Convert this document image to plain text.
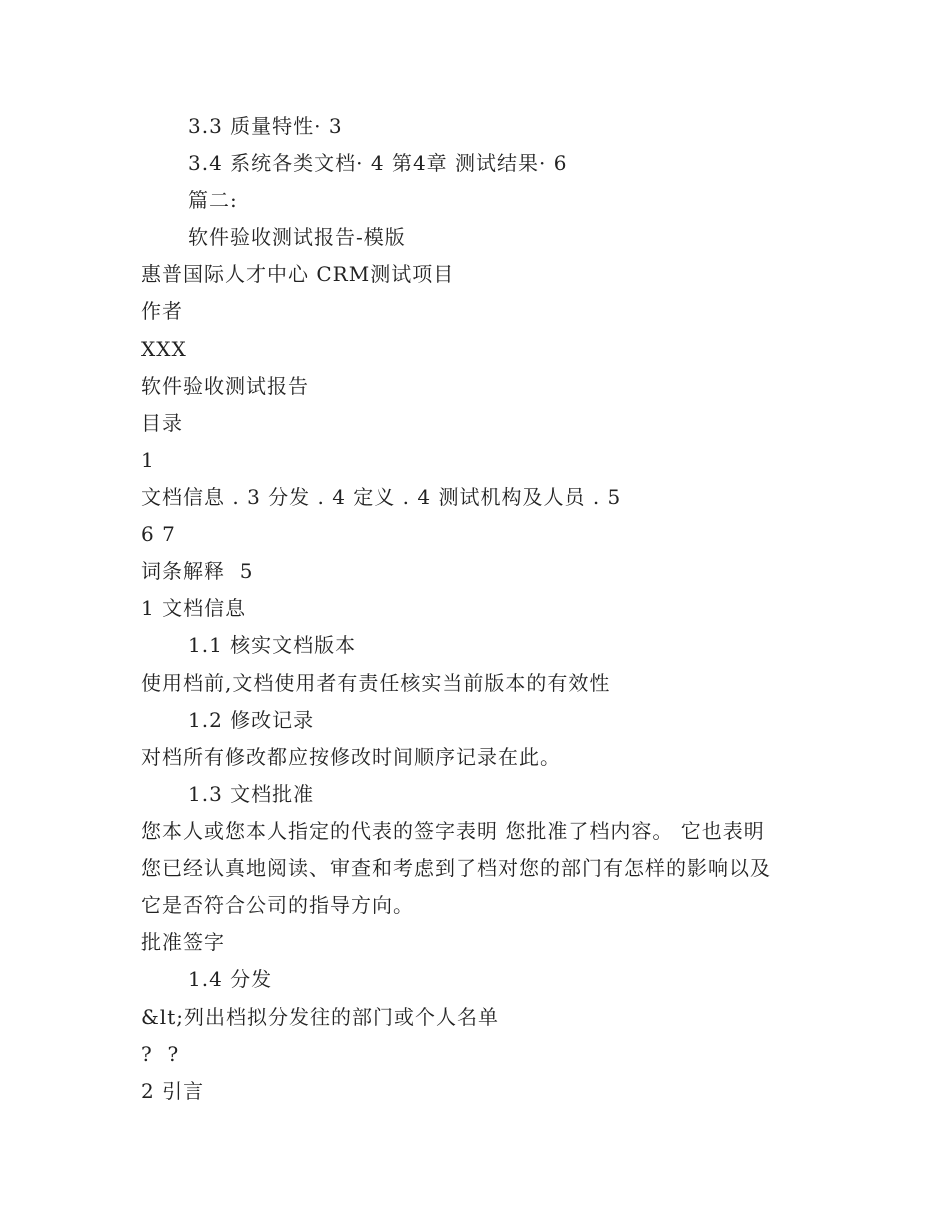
3.3 质量特性· 3
3.4 系统各类文档· 4 第4章 测试结果· 6
篇二:
软件验收测试报告-模版
惠普国际人才中心 CRM测试项目
作者
XXX
软件验收测试报告
目录
1
文档信息 . 3 分发 . 4 定义 . 4 测试机构及人员 . 5
6 7
词条解释  5
1 文档信息
1.1 核实文档版本
使用档前,文档使用者有责任核实当前版本的有效性
1.2 修改记录
对档所有修改都应按修改时间顺序记录在此。
1.3 文档批准
您本人或您本人指定的代表的签字表明 您批准了档内容。 它也表明
您已经认真地阅读、审查和考虑到了档对您的部门有怎样的影响以及
它是否符合公司的指导方向。
批准签字
1.4 分发
&lt;列出档拟分发往的部门或个人名单
?  ?
2 引言
